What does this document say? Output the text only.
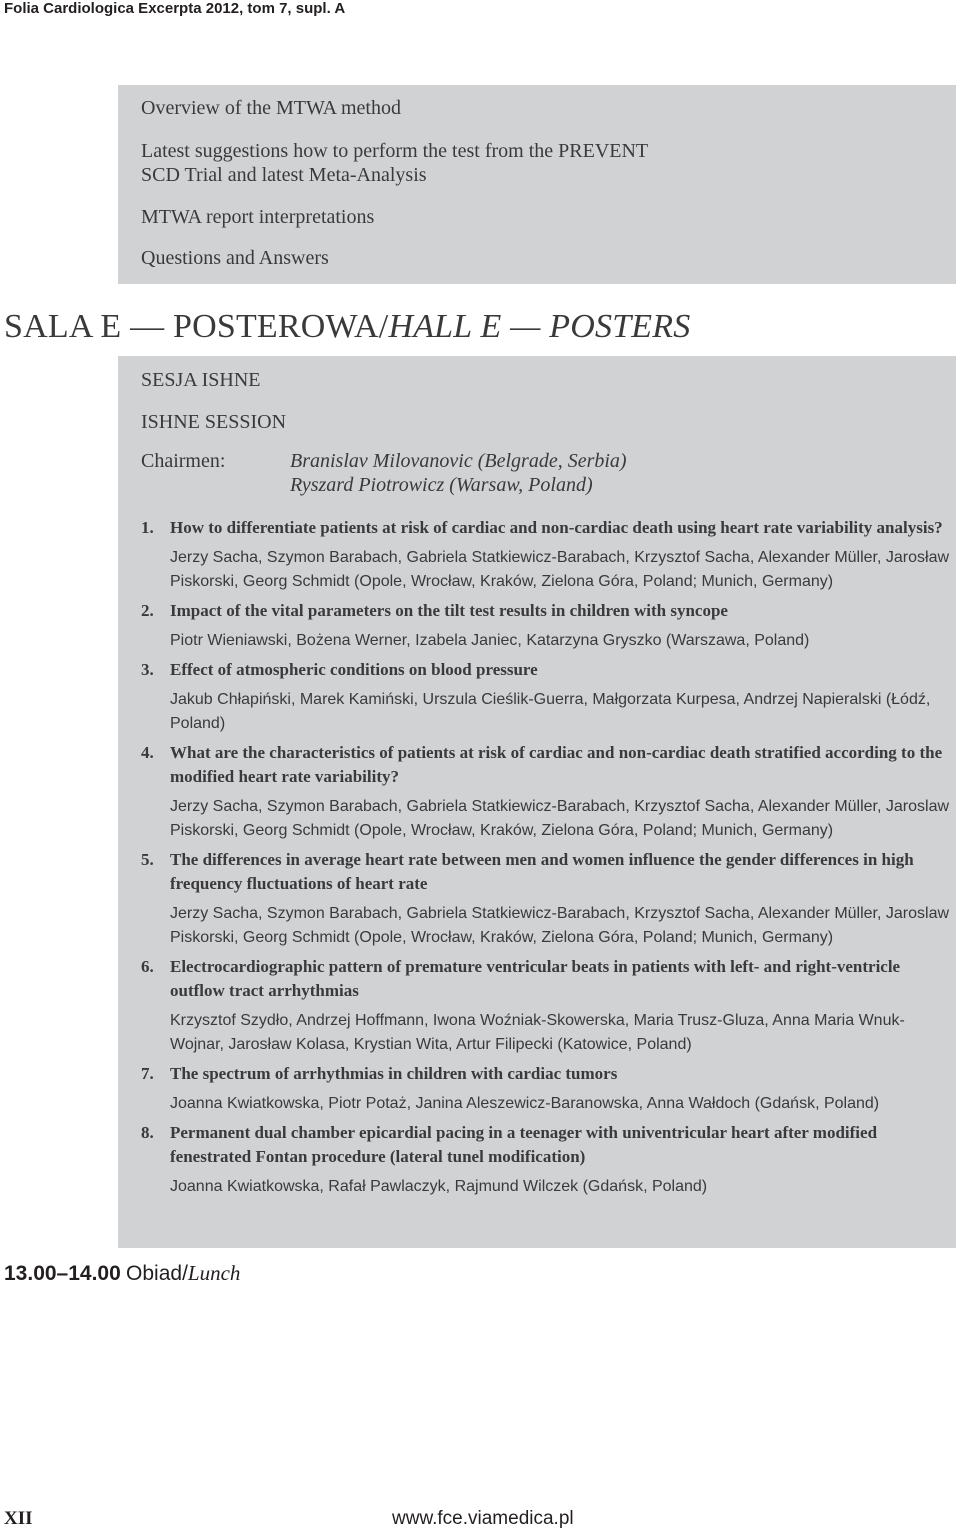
Folia Cardiologica Excerpta 2012, tom 7, supl. A
Overview of the MTWA method
Latest suggestions how to perform the test from the PREVENT
SCD Trial and latest Meta-Analysis
MTWA report interpretations
Questions and Answers
SALA E — POSTEROWA/HALL E — POSTERS
SESJA ISHNE
ISHNE SESSION
Chairmen:	Branislav Milovanovic (Belgrade, Serbia)
Ryszard Piotrowicz (Warsaw, Poland)
1. How to differentiate patients at risk of cardiac and non-cardiac death using heart rate variability analysis?
Jerzy Sacha, Szymon Barabach, Gabriela Statkiewicz-Barabach, Krzysztof Sacha, Alexander Müller, Jarosław Piskorski, Georg Schmidt (Opole, Wrocław, Kraków, Zielona Góra, Poland; Munich, Germany)
2. Impact of the vital parameters on the tilt test results in children with syncope
Piotr Wieniawski, Bożena Werner, Izabela Janiec, Katarzyna Gryszko (Warszawa, Poland)
3. Effect of atmospheric conditions on blood pressure
Jakub Chłapiński, Marek Kamiński, Urszula Cieślik-Guerra, Małgorzata Kurpesa, Andrzej Napieralski (Łódź, Poland)
4. What are the characteristics of patients at risk of cardiac and non-cardiac death stratified according to the modified heart rate variability?
Jerzy Sacha, Szymon Barabach, Gabriela Statkiewicz-Barabach, Krzysztof Sacha, Alexander Müller, Jaroslaw Piskorski, Georg Schmidt (Opole, Wrocław, Kraków, Zielona Góra, Poland; Munich, Germany)
5. The differences in average heart rate between men and women influence the gender differences in high frequency fluctuations of heart rate
Jerzy Sacha, Szymon Barabach, Gabriela Statkiewicz-Barabach, Krzysztof Sacha, Alexander Müller, Jaroslaw Piskorski, Georg Schmidt (Opole, Wrocław, Kraków, Zielona Góra, Poland; Munich, Germany)
6. Electrocardiographic pattern of premature ventricular beats in patients with left- and right-ventricle outflow tract arrhythmias
Krzysztof Szydło, Andrzej Hoffmann, Iwona Woźniak-Skowerska, Maria Trusz-Gluza, Anna Maria Wnuk-Wojnar, Jarosław Kolasa, Krystian Wita, Artur Filipecki (Katowice, Poland)
7. The spectrum of arrhythmias in children with cardiac tumors
Joanna Kwiatkowska, Piotr Potaż, Janina Aleszewicz-Baranowska, Anna Wałdoch (Gdańsk, Poland)
8. Permanent dual chamber epicardial pacing in a teenager with univentricular heart after modified fenestrated Fontan procedure (lateral tunel modification)
Joanna Kwiatkowska, Rafał Pawlaczyk, Rajmund Wilczek (Gdańsk, Poland)
13.00–14.00 Obiad/Lunch
XII	www.fce.viamedica.pl
